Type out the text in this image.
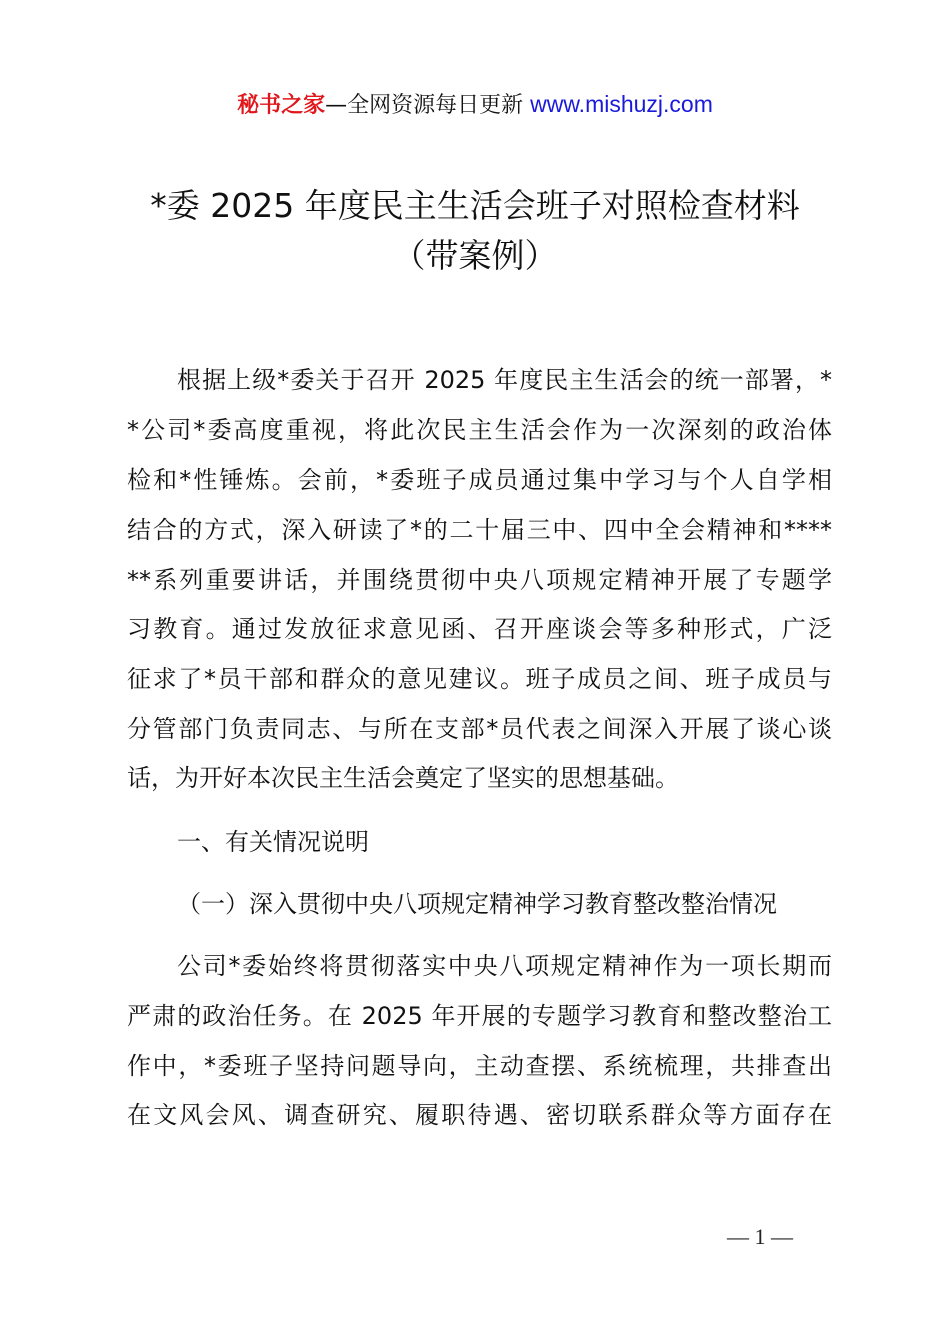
秘书之家—全网资源每日更新 www.mishuzj.com
*委 2025 年度民主生活会班子对照检查材料
（带案例）
根据上级*委关于召开 2025 年度民主生活会的统一部署，*
*公司*委高度重视，将此次民主生活会作为一次深刻的政治体
检和*性锤炼。会前，*委班子成员通过集中学习与个人自学相
结合的方式，深入研读了*的二十届三中、四中全会精神和****
**系列重要讲话，并围绕贯彻中央八项规定精神开展了专题学
习教育。通过发放征求意见函、召开座谈会等多种形式，广泛
征求了*员干部和群众的意见建议。班子成员之间、班子成员与
分管部门负责同志、与所在支部*员代表之间深入开展了谈心谈
话，为开好本次民主生活会奠定了坚实的思想基础。
一、有关情况说明
（一）深入贯彻中央八项规定精神学习教育整改整治情况
公司*委始终将贯彻落实中央八项规定精神作为一项长期而
严肃的政治任务。在 2025 年开展的专题学习教育和整改整治工
作中，*委班子坚持问题导向，主动查摆、系统梳理，共排查出
在文风会风、调查研究、履职待遇、密切联系群众等方面存在
— 1 —
